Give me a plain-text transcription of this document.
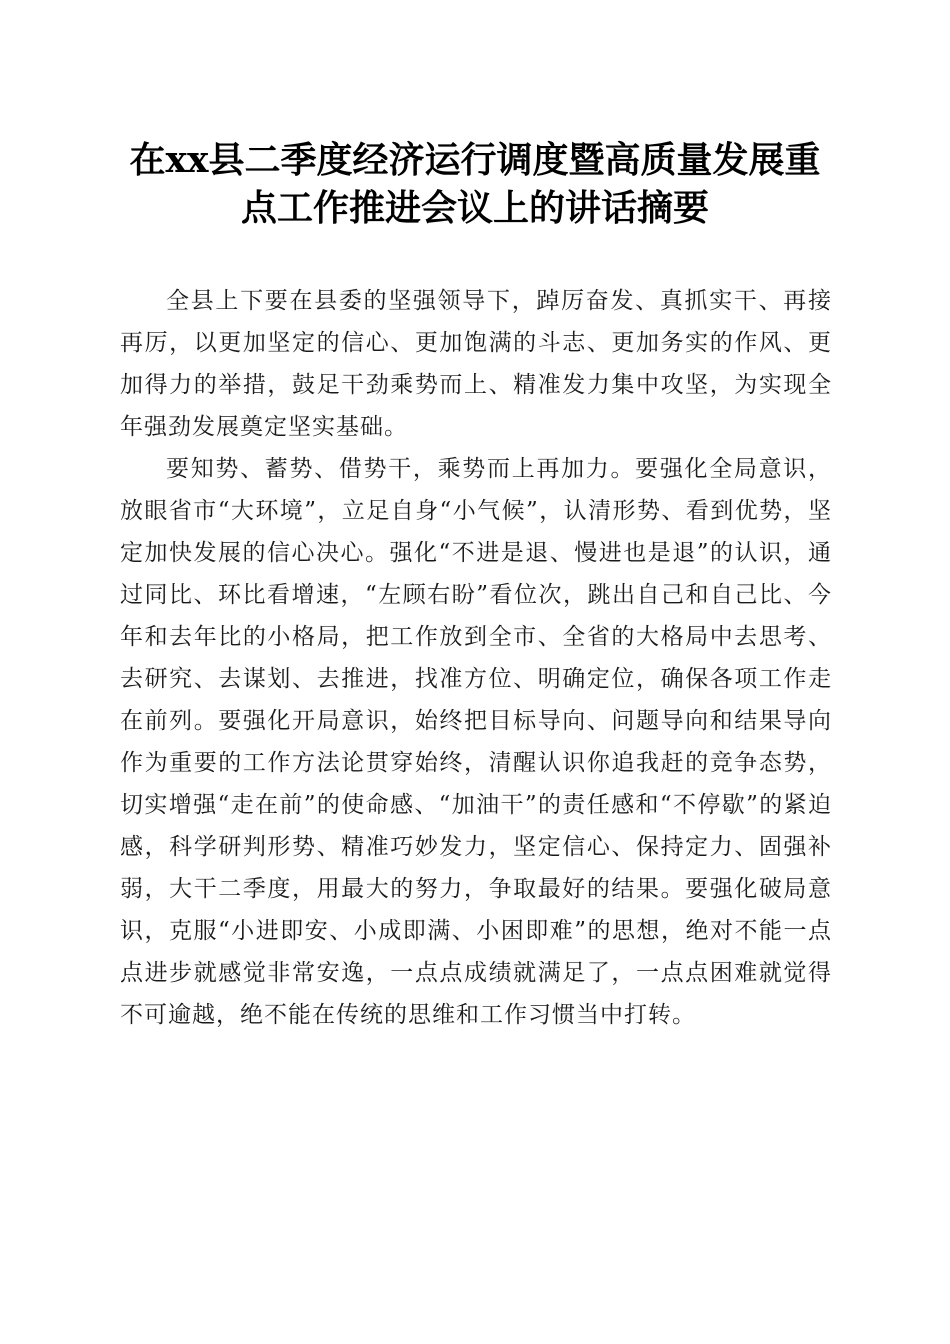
在xx县二季度经济运行调度暨高质量发展重
点工作推进会议上的讲话摘要

全县上下要在县委的坚强领导下，踔厉奋发、真抓实干、再接再厉，以更加坚定的信心、更加饱满的斗志、更加务实的作风、更加得力的举措，鼓足干劲乘势而上、精准发力集中攻坚，为实现全年强劲发展奠定坚实基础。

要知势、蓄势、借势干，乘势而上再加力。要强化全局意识，放眼省市“大环境”，立足自身“小气候”，认清形势、看到优势，坚定加快发展的信心决心。强化“不进是退、慢进也是退”的认识，通过同比、环比看增速，“左顾右盼”看位次，跳出自己和自己比、今年和去年比的小格局，把工作放到全市、全省的大格局中去思考、去研究、去谋划、去推进，找准方位、明确定位，确保各项工作走在前列。要强化开局意识，始终把目标导向、问题导向和结果导向作为重要的工作方法论贯穿始终，清醒认识你追我赶的竞争态势，切实增强“走在前”的使命感、“加油干”的责任感和“不停歇”的紧迫感，科学研判形势、精准巧妙发力，坚定信心、保持定力、固强补弱，大干二季度，用最大的努力，争取最好的结果。要强化破局意识，克服“小进即安、小成即满、小困即难”的思想，绝对不能一点点进步就感觉非常安逸，一点点成绩就满足了，一点点困难就觉得不可逾越，绝不能在传统的思维和工作习惯当中打转。
